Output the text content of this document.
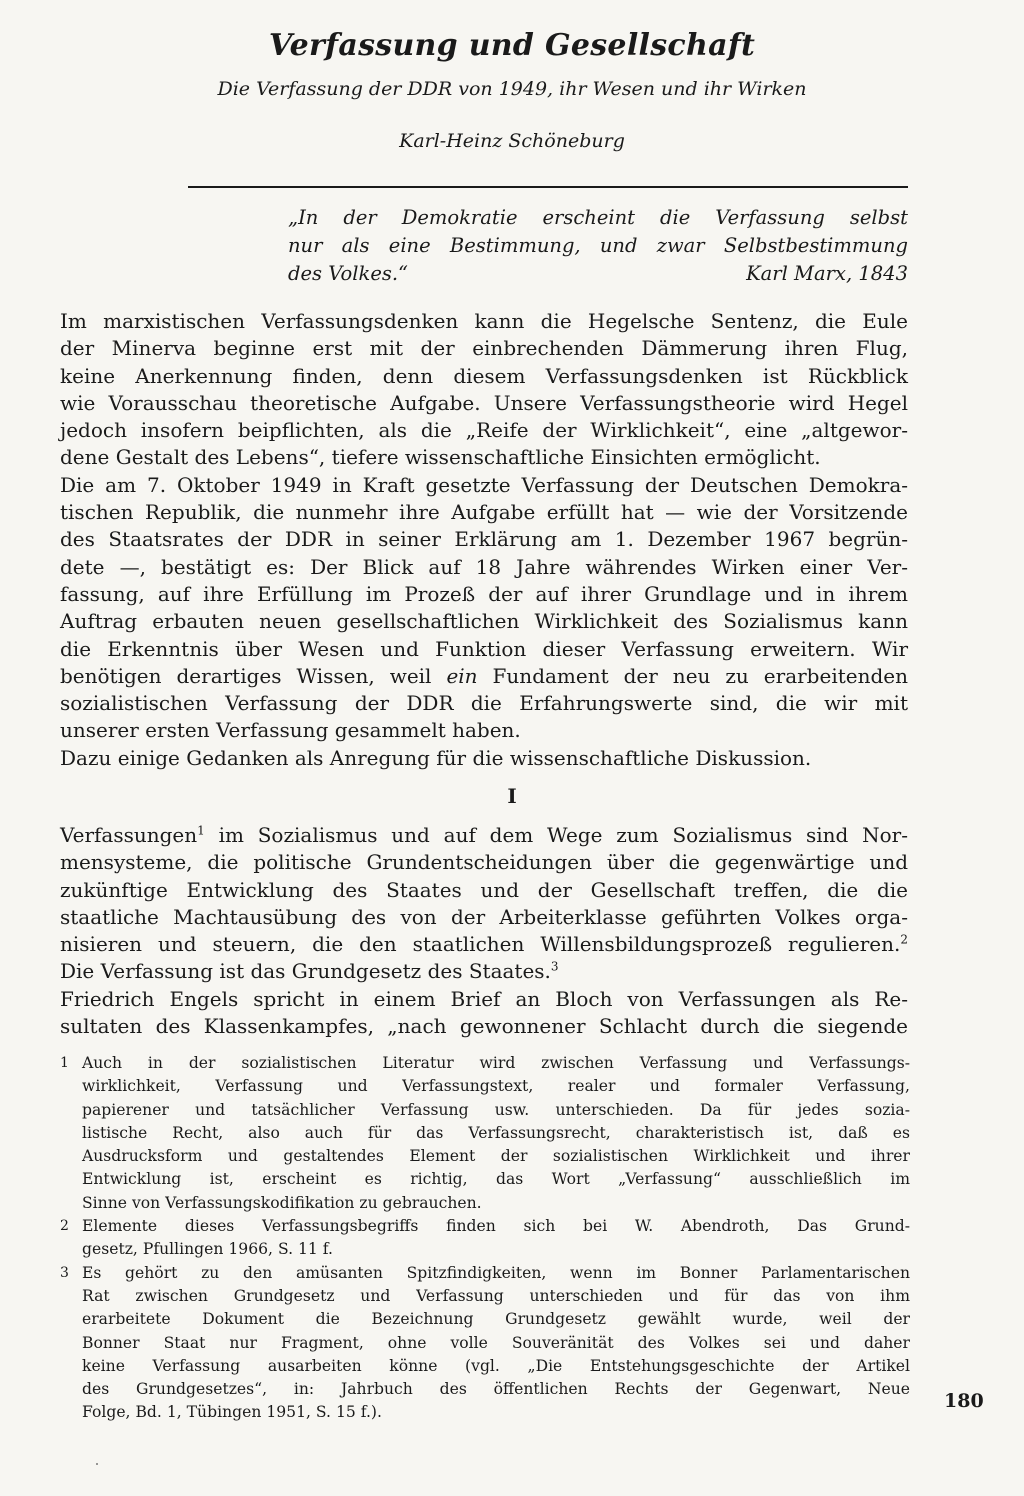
Verfassung und Gesellschaft
Die Verfassung der DDR von 1949, ihr Wesen und ihr Wirken
Karl-Heinz Schöneburg
„In der Demokratie erscheint die Verfassung selbst
nur als eine Bestimmung, und zwar Selbstbestimmung
des Volkes.“	Karl Marx, 1843
Im marxistischen Verfassungsdenken kann die Hegelsche Sentenz, die Eule
der Minerva beginne erst mit der einbrechenden Dämmerung ihren Flug,
keine Anerkennung finden, denn diesem Verfassungsdenken ist Rückblick
wie Vorausschau theoretische Aufgabe. Unsere Verfassungstheorie wird Hegel
jedoch insofern beipflichten, als die „Reife der Wirklichkeit“, eine „altgewor-
dene Gestalt des Lebens“, tiefere wissenschaftliche Einsichten ermöglicht.
Die am 7. Oktober 1949 in Kraft gesetzte Verfassung der Deutschen Demokra-
tischen Republik, die nunmehr ihre Aufgabe erfüllt hat — wie der Vorsitzende
des Staatsrates der DDR in seiner Erklärung am 1. Dezember 1967 begrün-
dete —, bestätigt es: Der Blick auf 18 Jahre währendes Wirken einer Ver-
fassung, auf ihre Erfüllung im Prozeß der auf ihrer Grundlage und in ihrem
Auftrag erbauten neuen gesellschaftlichen Wirklichkeit des Sozialismus kann
die Erkenntnis über Wesen und Funktion dieser Verfassung erweitern. Wir
benötigen derartiges Wissen, weil ein Fundament der neu zu erarbeitenden
sozialistischen Verfassung der DDR die Erfahrungswerte sind, die wir mit
unserer ersten Verfassung gesammelt haben.
Dazu einige Gedanken als Anregung für die wissenschaftliche Diskussion.
I
Verfassungen$^1$ im Sozialismus und auf dem Wege zum Sozialismus sind Nor-
mensysteme, die politische Grundentscheidungen über die gegenwärtige und
zukünftige Entwicklung des Staates und der Gesellschaft treffen, die die
staatliche Machtausübung des von der Arbeiterklasse geführten Volkes orga-
nisieren und steuern, die den staatlichen Willensbildungsprozeß regulieren.$^2$
Die Verfassung ist das Grundgesetz des Staates.$^3$
Friedrich Engels spricht in einem Brief an Bloch von Verfassungen als Re-
sultaten des Klassenkampfes, „nach gewonnener Schlacht durch die siegende
1 Auch in der sozialistischen Literatur wird zwischen Verfassung und Verfassungs-
wirklichkeit, Verfassung und Verfassungstext, realer und formaler Verfassung,
papierener und tatsächlicher Verfassung usw. unterschieden. Da für jedes sozia-
listische Recht, also auch für das Verfassungsrecht, charakteristisch ist, daß es
Ausdrucksform und gestaltendes Element der sozialistischen Wirklichkeit und ihrer
Entwicklung ist, erscheint es richtig, das Wort „Verfassung“ ausschließlich im
Sinne von Verfassungskodifikation zu gebrauchen.
2 Elemente dieses Verfassungsbegriffs finden sich bei W. Abendroth, Das Grund-
gesetz, Pfullingen 1966, S. 11 f.
3 Es gehört zu den amüsanten Spitzfindigkeiten, wenn im Bonner Parlamentarischen
Rat zwischen Grundgesetz und Verfassung unterschieden und für das von ihm
erarbeitete Dokument die Bezeichnung Grundgesetz gewählt wurde, weil der
Bonner Staat nur Fragment, ohne volle Souveränität des Volkes sei und daher
keine Verfassung ausarbeiten könne (vgl. „Die Entstehungsgeschichte der Artikel
des Grundgesetzes“, in: Jahrbuch des öffentlichen Rechts der Gegenwart, Neue
Folge, Bd. 1, Tübingen 1951, S. 15 f.).
180
